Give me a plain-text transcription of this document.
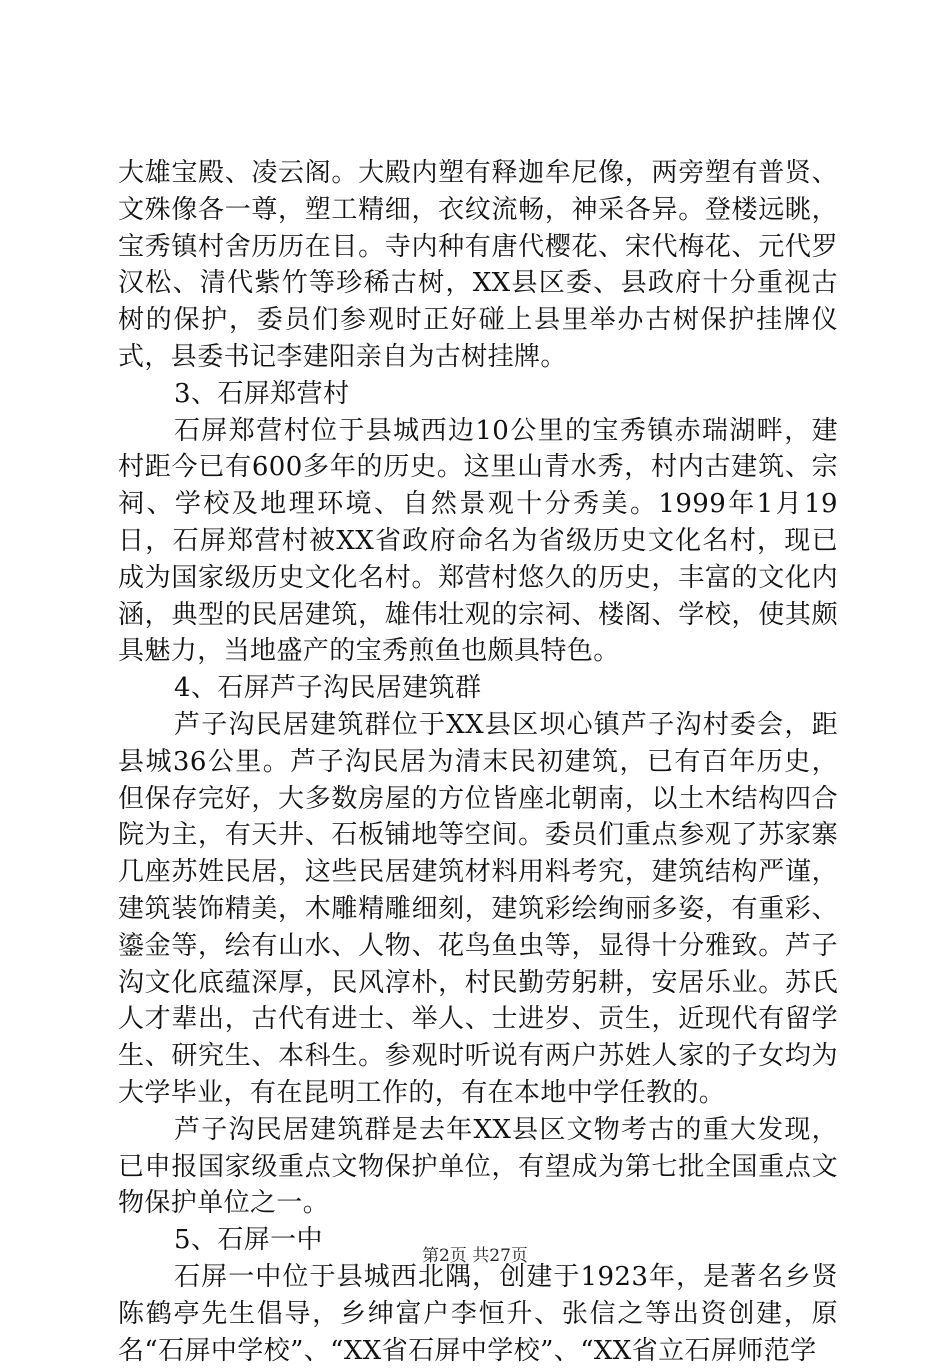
大雄宝殿、凌云阁。大殿内塑有释迦牟尼像，两旁塑有普贤、文殊像各一尊，塑工精细，衣纹流畅，神采各异。登楼远眺，宝秀镇村舍历历在目。寺内种有唐代樱花、宋代梅花、元代罗汉松、清代紫竹等珍稀古树，XX县区委、县政府十分重视古树的保护，委员们参观时正好碰上县里举办古树保护挂牌仪式，县委书记李建阳亲自为古树挂牌。

3、石屏郑营村

石屏郑营村位于县城西边10公里的宝秀镇赤瑞湖畔，建村距今已有600多年的历史。这里山青水秀，村内古建筑、宗祠、学校及地理环境、自然景观十分秀美。1999年1月19日，石屏郑营村被XX省政府命名为省级历史文化名村，现已成为国家级历史文化名村。郑营村悠久的历史，丰富的文化内涵，典型的民居建筑，雄伟壮观的宗祠、楼阁、学校，使其颇具魅力，当地盛产的宝秀煎鱼也颇具特色。

4、石屏芦子沟民居建筑群

芦子沟民居建筑群位于XX县区坝心镇芦子沟村委会，距县城36公里。芦子沟民居为清末民初建筑，已有百年历史，但保存完好，大多数房屋的方位皆座北朝南，以土木结构四合院为主，有天井、石板铺地等空间。委员们重点参观了苏家寨几座苏姓民居，这些民居建筑材料用料考究，建筑结构严谨，建筑装饰精美，木雕精雕细刻，建筑彩绘绚丽多姿，有重彩、鎏金等，绘有山水、人物、花鸟鱼虫等，显得十分雅致。芦子沟文化底蕴深厚，民风淳朴，村民勤劳躬耕，安居乐业。苏氏人才辈出，古代有进士、举人、士进岁、贡生，近现代有留学生、研究生、本科生。参观时听说有两户苏姓人家的子女均为大学毕业，有在昆明工作的，有在本地中学任教的。

芦子沟民居建筑群是去年XX县区文物考古的重大发现，已申报国家级重点文物保护单位，有望成为第七批全国重点文物保护单位之一。

5、石屏一中

石屏一中位于县城西北隅，创建于1923年，是著名乡贤陈鹤亭先生倡导，乡绅富户李恒升、张信之等出资创建，原名“石屏中学校”、“XX省石屏中学校”、“XX省立石屏师范学

第2页 共27页
